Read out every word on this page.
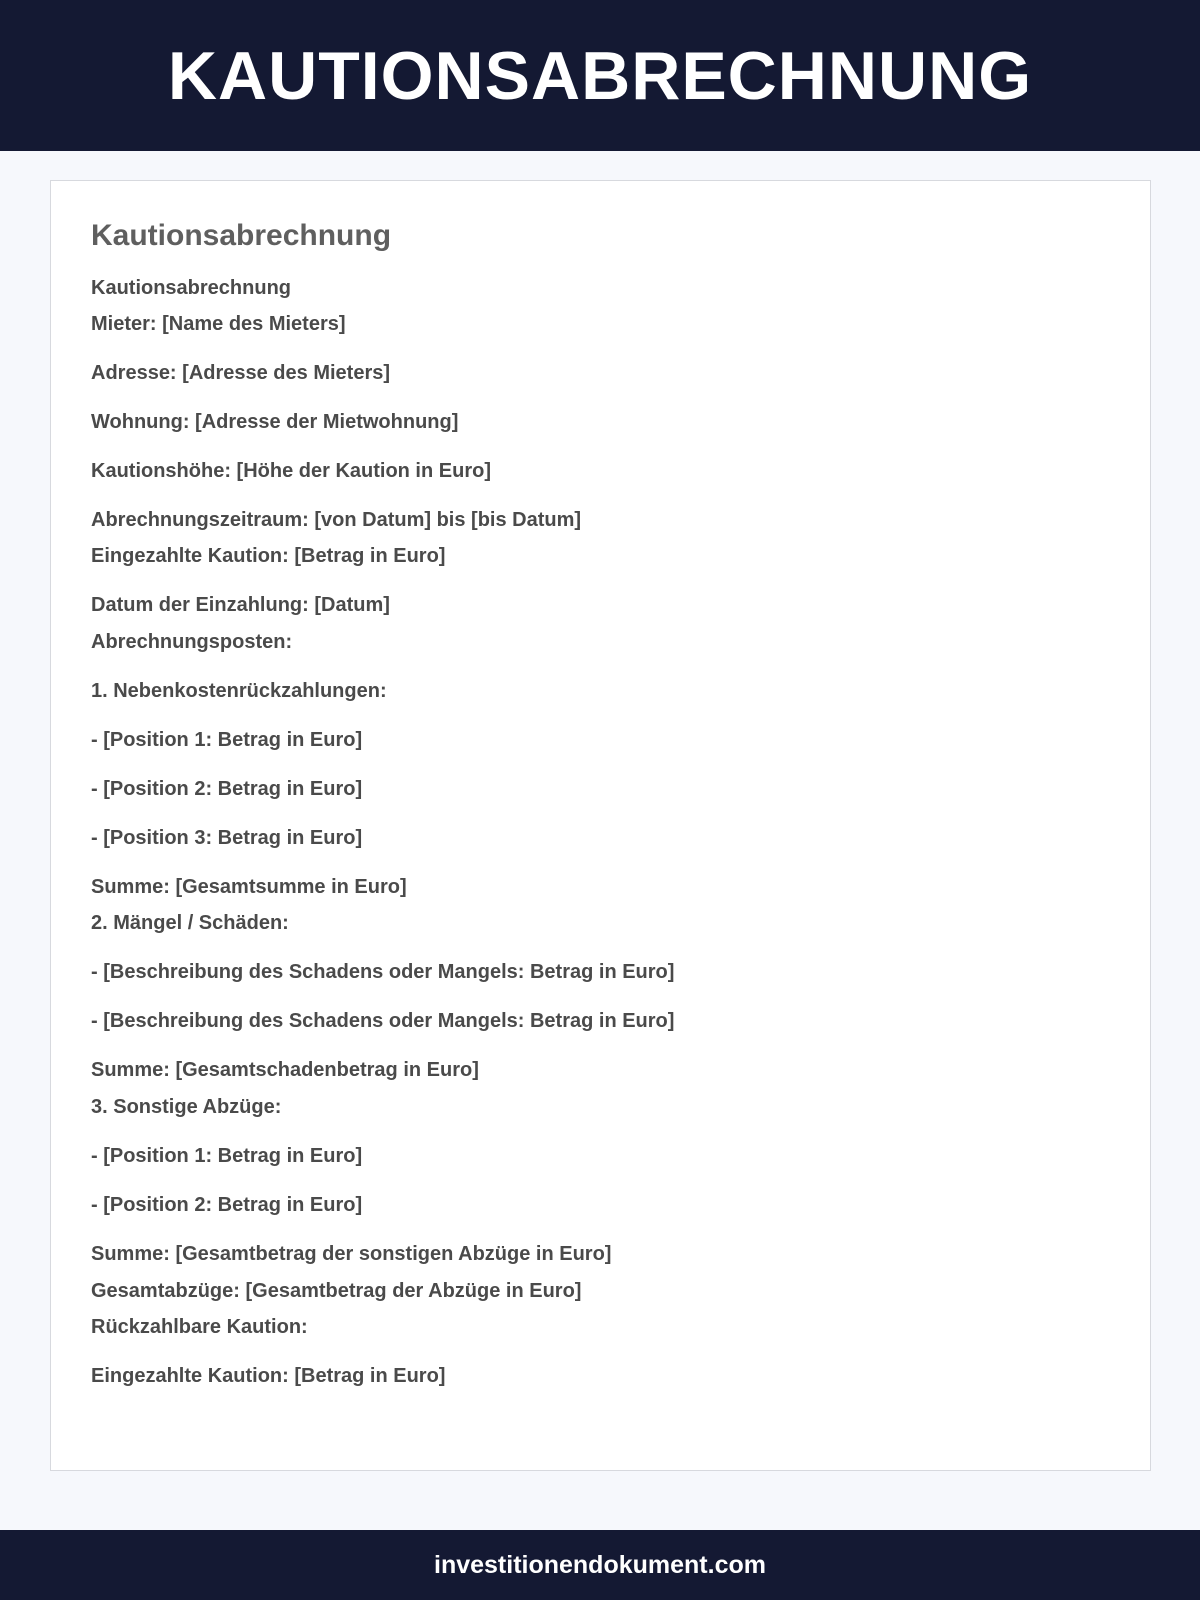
KAUTIONSABRECHNUNG
Kautionsabrechnung
Kautionsabrechnung
Mieter: [Name des Mieters]
Adresse: [Adresse des Mieters]
Wohnung: [Adresse der Mietwohnung]
Kautionshöhe: [Höhe der Kaution in Euro]
Abrechnungszeitraum: [von Datum] bis [bis Datum]
Eingezahlte Kaution: [Betrag in Euro]
Datum der Einzahlung: [Datum]
Abrechnungsposten:
1. Nebenkostenrückzahlungen:
- [Position 1: Betrag in Euro]
- [Position 2: Betrag in Euro]
- [Position 3: Betrag in Euro]
Summe: [Gesamtsumme in Euro]
2. Mängel / Schäden:
- [Beschreibung des Schadens oder Mangels: Betrag in Euro]
- [Beschreibung des Schadens oder Mangels: Betrag in Euro]
Summe: [Gesamtschadenbetrag in Euro]
3. Sonstige Abzüge:
- [Position 1: Betrag in Euro]
- [Position 2: Betrag in Euro]
Summe: [Gesamtbetrag der sonstigen Abzüge in Euro]
Gesamtabzüge: [Gesamtbetrag der Abzüge in Euro]
Rückzahlbare Kaution:
Eingezahlte Kaution: [Betrag in Euro]
investitionendokument.com
